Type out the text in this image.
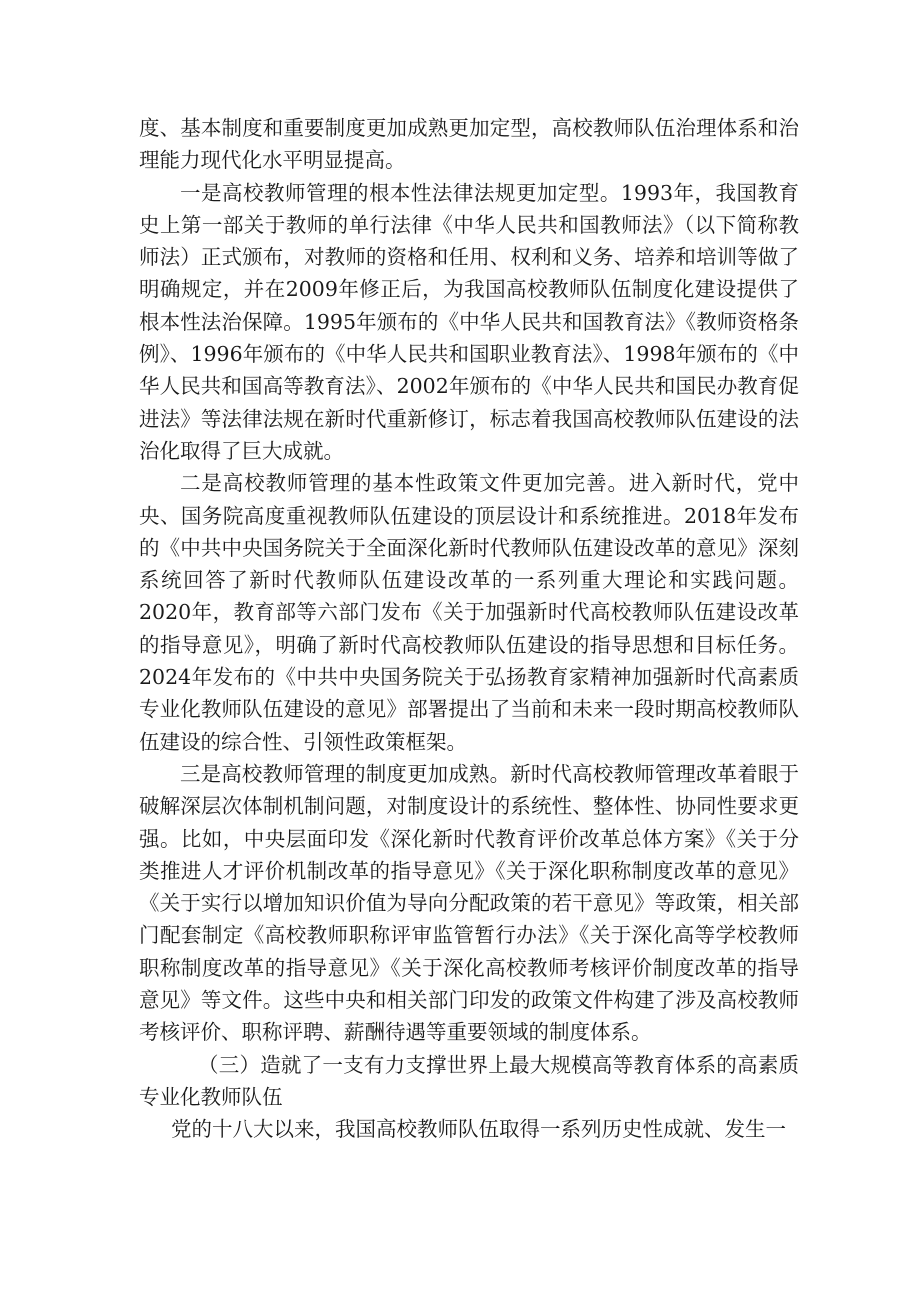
度、基本制度和重要制度更加成熟更加定型，高校教师队伍治理体系和治理能力现代化水平明显提高。

一是高校教师管理的根本性法律法规更加定型。1993年，我国教育史上第一部关于教师的单行法律《中华人民共和国教师法》（以下简称教师法）正式颁布，对教师的资格和任用、权利和义务、培养和培训等做了明确规定，并在2009年修正后，为我国高校教师队伍制度化建设提供了根本性法治保障。1995年颁布的《中华人民共和国教育法》《教师资格条例》、1996年颁布的《中华人民共和国职业教育法》、1998年颁布的《中华人民共和国高等教育法》、2002年颁布的《中华人民共和国民办教育促进法》等法律法规在新时代重新修订，标志着我国高校教师队伍建设的法治化取得了巨大成就。

二是高校教师管理的基本性政策文件更加完善。进入新时代，党中央、国务院高度重视教师队伍建设的顶层设计和系统推进。2018年发布的《中共中央国务院关于全面深化新时代教师队伍建设改革的意见》深刻系统回答了新时代教师队伍建设改革的一系列重大理论和实践问题。2020年，教育部等六部门发布《关于加强新时代高校教师队伍建设改革的指导意见》，明确了新时代高校教师队伍建设的指导思想和目标任务。2024年发布的《中共中央国务院关于弘扬教育家精神加强新时代高素质专业化教师队伍建设的意见》部署提出了当前和未来一段时期高校教师队伍建设的综合性、引领性政策框架。

三是高校教师管理的制度更加成熟。新时代高校教师管理改革着眼于破解深层次体制机制问题，对制度设计的系统性、整体性、协同性要求更强。比如，中央层面印发《深化新时代教育评价改革总体方案》《关于分类推进人才评价机制改革的指导意见》《关于深化职称制度改革的意见》《关于实行以增加知识价值为导向分配政策的若干意见》等政策，相关部门配套制定《高校教师职称评审监管暂行办法》《关于深化高等学校教师职称制度改革的指导意见》《关于深化高校教师考核评价制度改革的指导意见》等文件。这些中央和相关部门印发的政策文件构建了涉及高校教师考核评价、职称评聘、薪酬待遇等重要领域的制度体系。

（三）造就了一支有力支撑世界上最大规模高等教育体系的高素质专业化教师队伍

党的十八大以来，我国高校教师队伍取得一系列历史性成就、发生一
